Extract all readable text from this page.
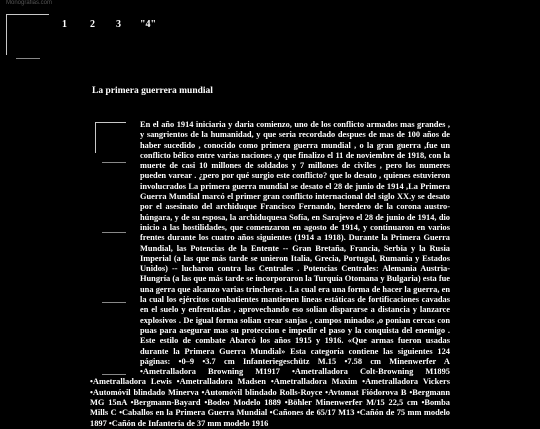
Monografias.com
1	2	3	"4"
La primera guerrera mundial
En el año 1914 iniciaria y daria comienzo, uno de los conflicto armados mas grandes , y sangrientos de la humanidad, y que seria recordado despues de mas de 100 años de haber sucedido , conocido como primera guerra mundial , o la gran guerra ,fue un conflicto bélico entre varias naciones ,y que finalizo el 11 de noviembre de 1918, con la muerte de casi 10 millones de soldados y 7 millones de civiles , pero los numeres pueden varear . ¿pero por qué surgio este conflicto? que lo desato , quienes estuvieron involucrados La primera guerra mundial se desato el 28 de junio de 1914 ,La Primera Guerra Mundial marcó el primer gran conflicto internacional del siglo XX.y se desato por el asesinato del archiduque Francisco Fernando, heredero de la corona austro-húngara, y de su esposa, la archiduquesa Sofía, en Sarajevo el 28 de junio de 1914, dio inicio a las hostilidades, que comenzaron en agosto de 1914, y continuaron en varios frentes durante los cuatro años siguientes (1914 a 1918). Durante la Primera Guerra Mundial, las Potencias de la Entente -- Gran Bretaña, Francia, Serbia y la Rusia Imperial (a las que más tarde se unieron Italia, Grecia, Portugal, Rumania y Estados Unidos) -- lucharon contra las Centrales . Potencias Centrales: Alemania Austria-Hungría (a las que más tarde se incorporaron la Turquía Otomana y Bulgaria) esta fue una gerra que alcanzo varias trincheras . La cual era una forma de hacer la guerra, en la cual los ejércitos combatientes mantienen líneas estáticas de fortificaciones cavadas en el suelo y enfrentadas , aprovechando eso solian dispararse a distancia y lanzarce explosivos . De igual forma solian crear sanjas , campos minados ,o ponian cercas con puas para asegurar mas su proteccion e impedir el paso y la conquista del enemigo . Este estilo de combate Abarcó los años 1915 y 1916. «Que armas fueron usadas durante la Primera Guerra Mundial» Esta categoría contiene las siguientes 124 páginas: •0–9 •3.7 cm Infanteriegeschütz M.15 •7.58 cm Minenwerfer A •Ametralladora Browning M1917 •Ametralladora Colt-Browning M1895 •Ametralladora Lewis •Ametralladora Madsen •Ametralladora Maxim •Ametralladora Vickers •Automóvil blindado Minerva •Automóvil blindado Rolls-Royce •Avtomat Fiódorova B •Bergmann MG 15nA •Bergmann-Bayard •Bodeo Modelo 1889 •Böhler Minenwerfer M/15 22,5 cm •Bomba Mills C •Caballos en la Primera Guerra Mundial •Cañones de 65/17 M13 •Cañón de 75 mm modelo 1897 •Cañón de Infantería de 37 mm modelo 1916
